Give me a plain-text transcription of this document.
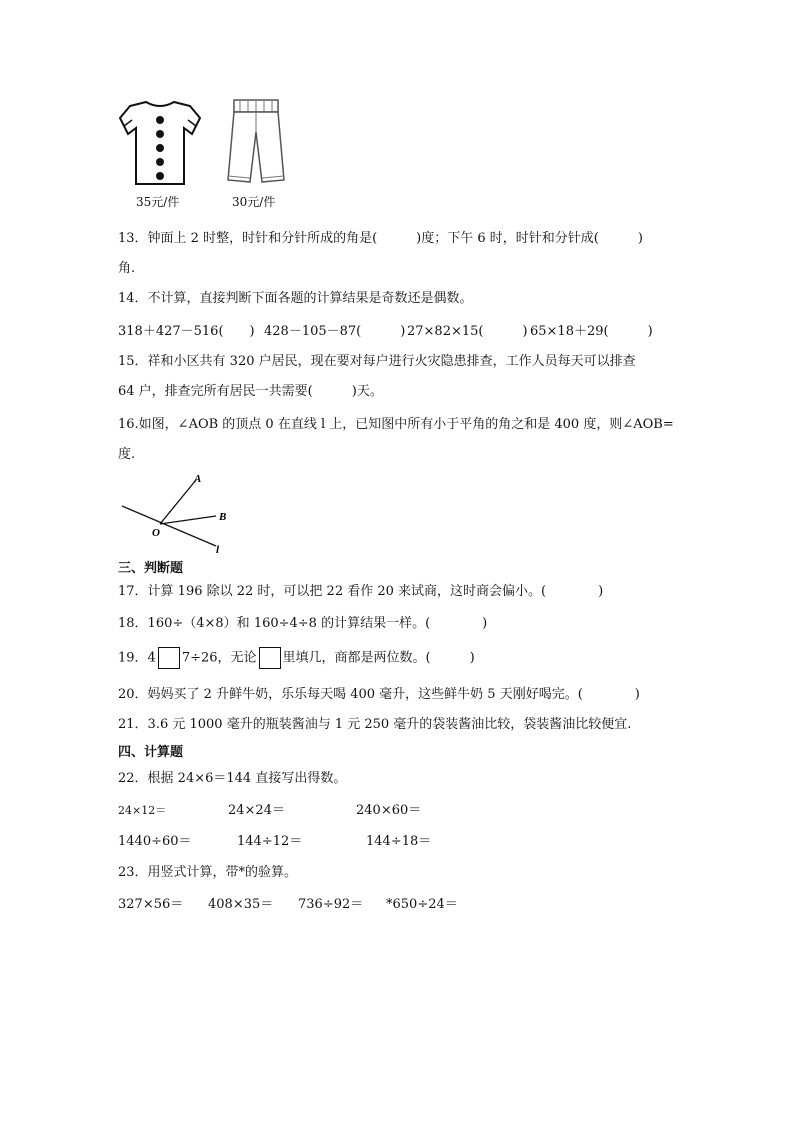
35元/件	30元/件
13．钟面上 2 时整，时针和分针所成的角是(　　　)度；下午 6 时，时针和分针成(　　　)
角.
14．不计算，直接判断下面各题的计算结果是奇数还是偶数。
318＋427－516(　　) 428－105－87(　　　) 27×82×15(　　　) 65×18＋29(　　　)
15．祥和小区共有 320 户居民，现在要对每户进行火灾隐患排查，工作人员每天可以排查
64 户，排查完所有居民一共需要(　　　)天。
16.如图，∠AOB 的顶点 0 在直线 l 上，已知图中所有小于平角的角之和是 400 度，则∠AOB=
度.
A
B
O
l
三、判断题
17．计算 196 除以 22 时，可以把 22 看作 20 来试商，这时商会偏小。(　　　　)
18．160÷（4×8）和 160÷4÷8 的计算结果一样。(　　　　)
19．4 7÷26，无论 里填几，商都是两位数。(　　　)
20．妈妈买了 2 升鲜牛奶，乐乐每天喝 400 毫升，这些鲜牛奶 5 天刚好喝完。(　　　　)
21．3.6 元 1000 毫升的瓶装酱油与 1 元 250 毫升的袋装酱油比较，袋装酱油比较便宜.
四、计算题
22．根据 24×6＝144 直接写出得数。
24×12＝	24×24＝	240×60＝
1440÷60＝	144÷12＝	144÷18＝
23．用竖式计算，带*的验算。
327×56＝ 408×35＝ 736÷92＝ *650÷24＝
